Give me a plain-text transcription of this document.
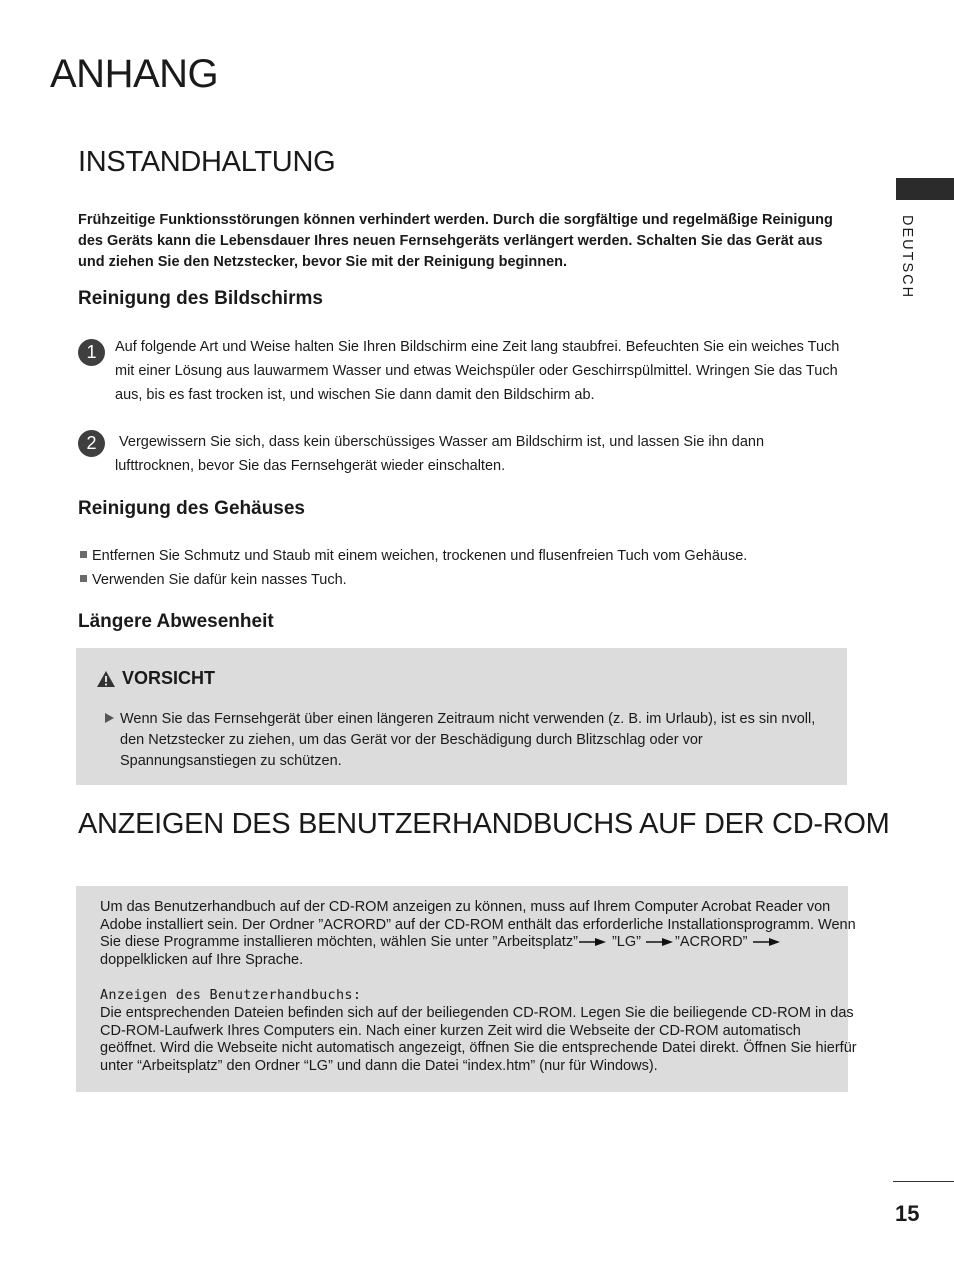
ANHANG
DEUTSCH
INSTANDHALTUNG

Frühzeitige Funktionsstörungen können verhindert werden. Durch die sorgfältige und regelmäßige Reinigung des Geräts kann die Lebensdauer Ihres neuen Fernsehgeräts verlängert werden. Schalten Sie das Gerät aus und ziehen Sie den Netzstecker, bevor Sie mit der Reinigung beginnen.

Reinigung des Bildschirms
1	Auf folgende Art und Weise halten Sie Ihren Bildschirm eine Zeit lang staubfrei. Befeuchten Sie ein weiches Tuch mit einer Lösung aus lauwarmem Wasser und etwas Weichspüler oder Geschirrspülmittel. Wringen Sie das Tuch aus, bis es fast trocken ist, und wischen Sie dann damit den Bildschirm ab.

2	Vergewissern Sie sich, dass kein überschüssiges Wasser am Bildschirm ist, und lassen Sie ihn dann lufttrocknen, bevor Sie das Fernsehgerät wieder einschalten.

Reinigung des Gehäuses

Entfernen Sie Schmutz und Staub mit einem weichen, trockenen und flusenfreien Tuch vom Gehäuse.

Verwenden Sie dafür kein nasses Tuch.

Längere Abwesenheit
VORSICHT

Wenn Sie das Fernsehgerät über einen längeren Zeitraum nicht verwenden (z. B. im Urlaub), ist es sin nvoll, den Netzstecker zu ziehen, um das Gerät vor der Beschädigung durch Blitzschlag oder vor Spannungsanstiegen zu schützen.

ANZEIGEN DES BENUTZERHANDBUCHS AUF DER CD-ROM

Um das Benutzerhandbuch auf der CD-ROM anzeigen zu können, muss auf Ihrem Computer Acrobat Reader von Adobe installiert sein. Der Ordner ”ACRORD” auf der CD-ROM enthält das erforderliche Installationsprogramm. Wenn Sie diese Programme installieren möchten, wählen Sie unter ”Arbeitsplatz” ”LG” ”ACRORD”
doppelklicken auf Ihre Sprache.

Anzeigen des Benutzerhandbuchs:

Die entsprechenden Dateien befinden sich auf der beiliegenden CD-ROM. Legen Sie die beiliegende CD-ROM in das CD-ROM-Laufwerk Ihres Computers ein. Nach einer kurzen Zeit wird die Webseite der CD-ROM automatisch geöffnet. Wird die Webseite nicht automatisch angezeigt, öffnen Sie die entsprechende Datei direkt. Öffnen Sie hierfür unter “Arbeitsplatz” den Ordner “LG” und dann die Datei “index.htm” (nur für Windows).

15
